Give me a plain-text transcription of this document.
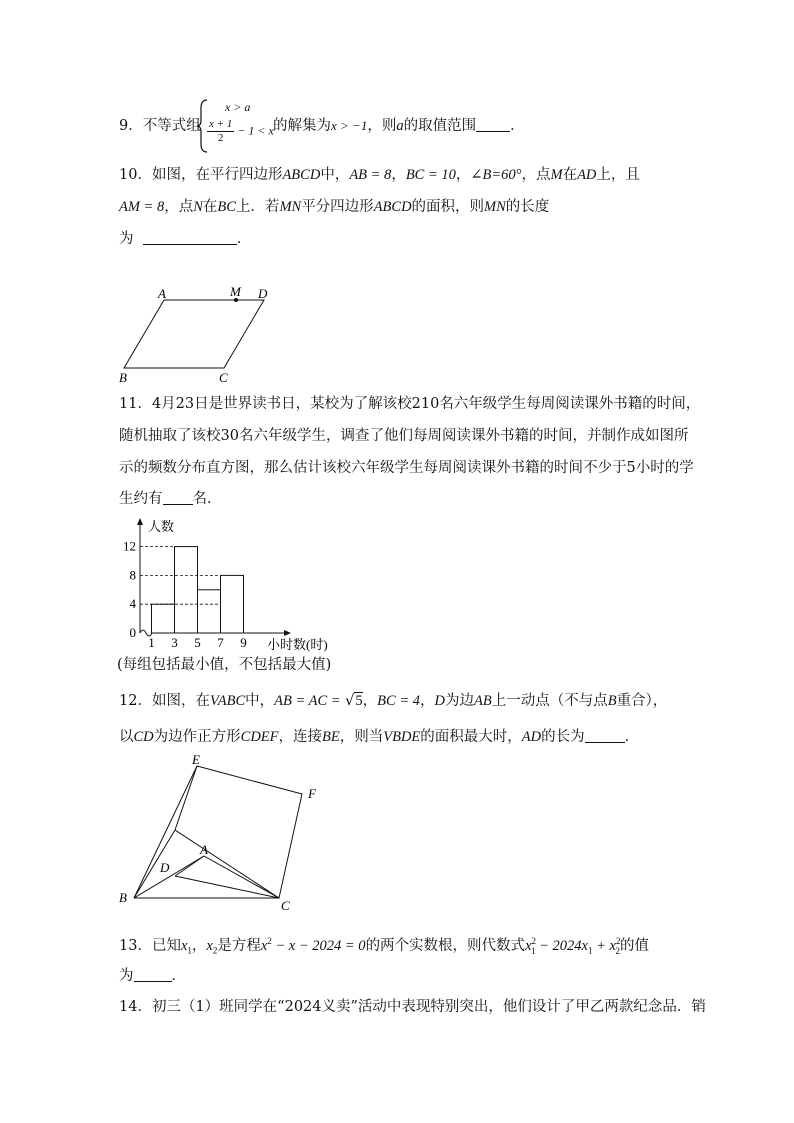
9．不等式组
x > a
$\frac{x + 1}{2} - 1 < x$ 的解集为x > −1，则a的取值范围 ．
10．如图，在平行四边形ABCD中，AB = 8，BC = 10，∠B=60°，点M在AD上，且
AM = 8，点N在BC上．若MN平分四边形ABCD的面积，则MN的长度
为	．
A	M D
B	C
11．4月23日是世界读书日，某校为了解该校210名六年级学生每周阅读课外书籍的时间，
随机抽取了该校30名六年级学生，调查了他们每周阅读课外书籍的时间，并制作成如图所
示的频数分布直方图，那么估计该校六年级学生每周阅读课外书籍的时间不少于5小时的学
生约有 名．
人数
小时数(时)
0
4
8
12
1 3 5 7 9
(每组包括最小值，不包括最大值)
12．如图，在VABC中，AB = AC = √5，BC = 4，D为边AB上一动点（不与点B重合），
以CD为边作正方形CDEF，连接BE，则当VBDE的面积最大时，AD的长为	．
E
F
A
D
B
C
13．已知$x_1$，$x_2$是方程$x^2 - x - 2024 = 0$的两个实数根，则代数式$x^2_1 - 2024x_1 + x^2_2$的值
为	．
14．初三（1）班同学在“2024义卖”活动中表现特别突出，他们设计了甲乙两款纪念品．销
